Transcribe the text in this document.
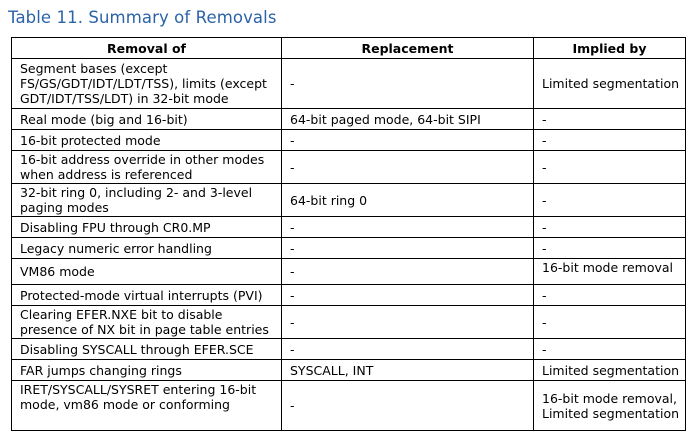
Table 11. Summary of Removals
Removal of	Replacement	Implied by
Segment bases (except FS/GS/GDT/IDT/LDT/TSS), limits (except GDT/IDT/TSS/LDT) in 32-bit mode	-	Limited segmentation
Real mode (big and 16-bit)	64-bit paged mode, 64-bit SIPI	-
16-bit protected mode	-	-
16-bit address override in other modes when address is referenced	-	-
32-bit ring 0, including 2- and 3-level paging modes	64-bit ring 0	-
Disabling FPU through CR0.MP	-	-
Legacy numeric error handling	-	-
VM86 mode	-	16-bit mode removal
Protected-mode virtual interrupts (PVI)	-	-
Clearing EFER.NXE bit to disable presence of NX bit in page table entries	-	-
Disabling SYSCALL through EFER.SCE	-	-
FAR jumps changing rings	SYSCALL, INT	Limited segmentation
IRET/SYSCALL/SYSRET entering 16-bit mode, vm86 mode or conforming	-	16-bit mode removal, Limited segmentation
